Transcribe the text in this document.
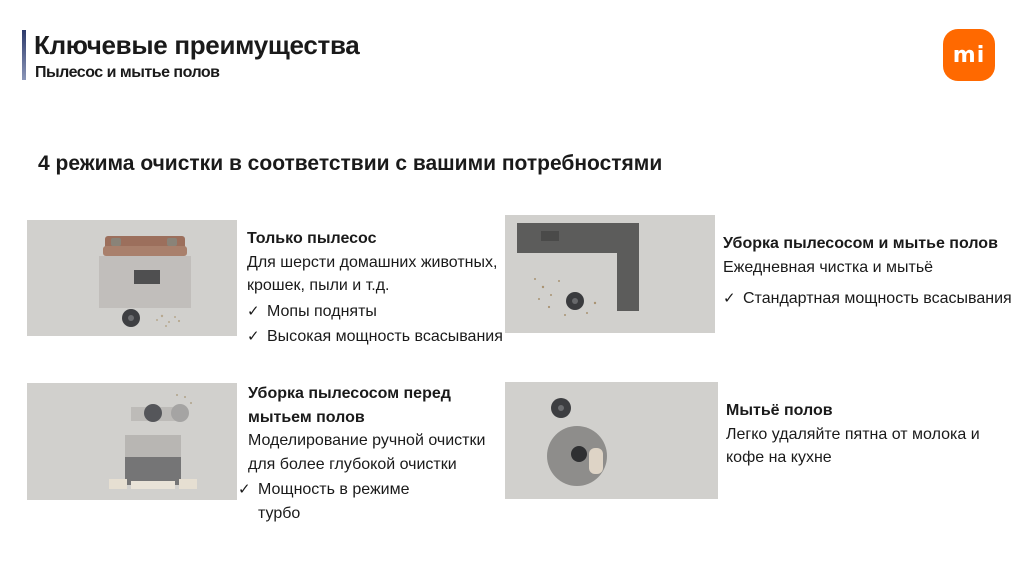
Ключевые преимущества
Пылесос и мытье полов
mi
4 режима очистки в соответствии с вашими потребностями
Только пылесос
Для шерсти домашних животных, крошек, пыли и т.д.
✓ Мопы подняты
✓ Высокая мощность всасывания
Уборка пылесосом и мытье полов
Ежедневная чистка и мытьё
✓ Стандартная мощность всасывания
Уборка пылесосом перед мытьем полов
Моделирование ручной очистки для более глубокой очистки
✓ Мощность в режиме турбо
Мытьё полов
Легко удаляйте пятна от молока и кофе на кухне
